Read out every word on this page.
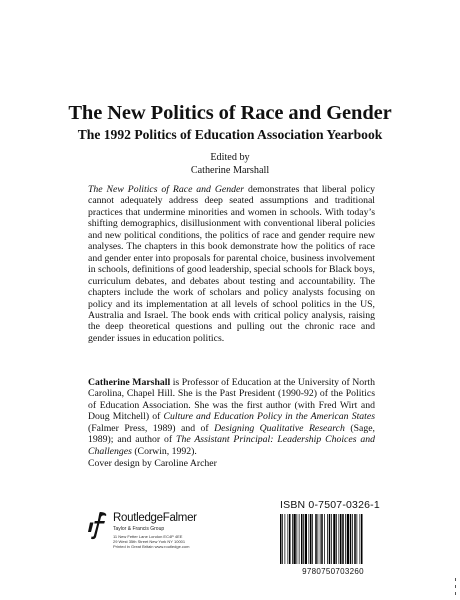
The New Politics of Race and Gender
The 1992 Politics of Education Association Yearbook
Edited by
Catherine Marshall
The New Politics of Race and Gender demonstrates that liberal policy cannot adequately address deep seated assumptions and traditional practices that undermine minorities and women in schools. With today’s shifting demographics, disillusionment with conventional liberal policies and new political conditions, the politics of race and gender require new analyses. The chapters in this book demonstrate how the politics of race and gender enter into proposals for parental choice, business involvement in schools, definitions of good leadership, special schools for Black boys, curriculum debates, and debates about testing and accountability. The chapters include the work of scholars and policy analysts focusing on policy and its implementation at all levels of school politics in the US, Australia and Israel. The book ends with critical policy analysis, raising the deep theoretical questions and pulling out the chronic race and gender issues in education politics.
Catherine Marshall is Professor of Education at the University of North Carolina, Chapel Hill. She is the Past President (1990-92) of the Politics of Education Association. She was the first author (with Fred Wirt and Doug Mitchell) of Culture and Education Policy in the American States (Falmer Press, 1989) and of Designing Qualitative Research (Sage, 1989); and author of The Assistant Principal: Leadership Choices and Challenges (Corwin, 1992).
Cover design by Caroline Archer
RoutledgeFalmer
Taylor & Francis Group
11 New Fetter Lane London EC4P 4EE
29 West 35th Street New York NY 10001
Printed in Great Britain www.routledge.com
ISBN 0-7507-0326-1
9780750703260
